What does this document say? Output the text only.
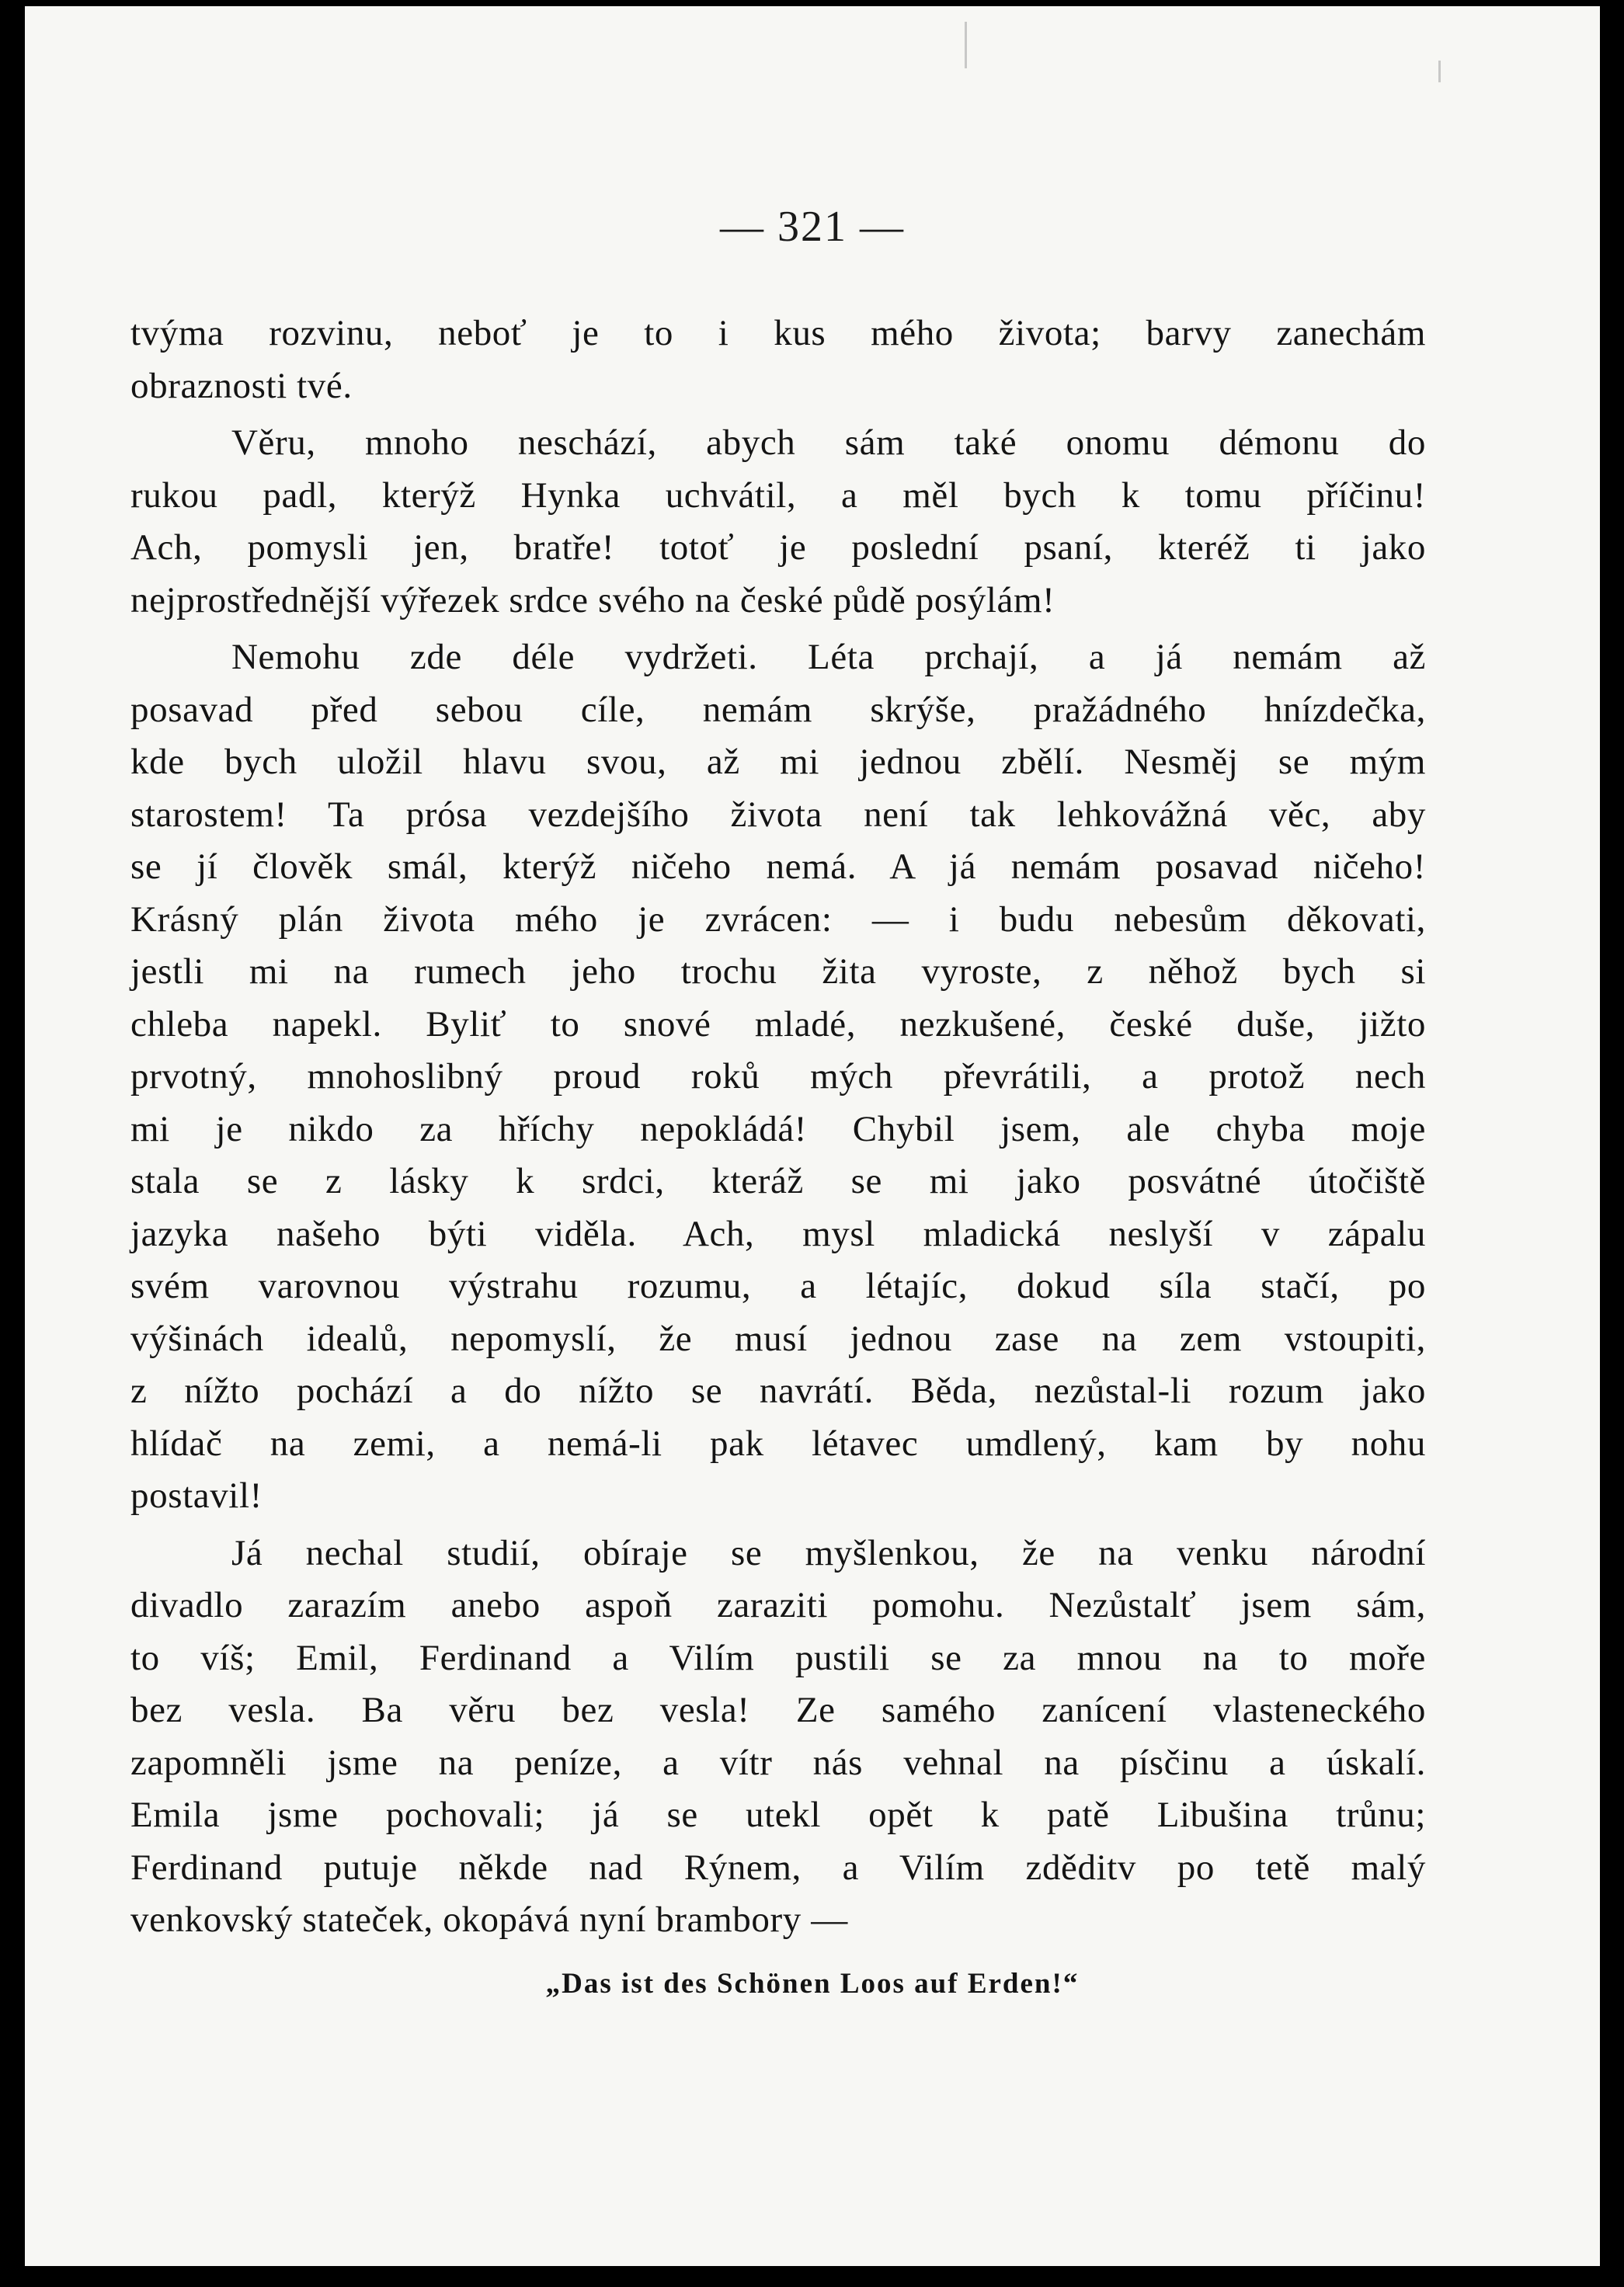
— 321 —
tvýma rozvinu, neboť je to i kus mého života; barvy zanechám
obraznosti tvé.
Věru, mnoho neschází, abych sám také onomu démonu do
rukou padl, kterýž Hynka uchvátil, a měl bych k tomu příčinu!
Ach, pomysli jen, bratře! totoť je poslední psaní, kteréž ti jako
nejprostřednější výřezek srdce svého na české půdě posýlám!
Nemohu zde déle vydržeti. Léta prchají, a já nemám až
posavad před sebou cíle, nemám skrýše, pražádného hnízdečka,
kde bych uložil hlavu svou, až mi jednou zbělí. Nesměj se mým
starostem! Ta prósa vezdejšího života není tak lehkovážná věc, aby
se jí člověk smál, kterýž ničeho nemá. A já nemám posavad ničeho!
Krásný plán života mého je zvrácen: — i budu nebesům děkovati,
jestli mi na rumech jeho trochu žita vyroste, z něhož bych si
chleba napekl. Byliť to snové mladé, nezkušené, české duše, jižto
prvotný, mnohoslibný proud roků mých převrátili, a protož nech
mi je nikdo za hříchy nepokládá! Chybil jsem, ale chyba moje
stala se z lásky k srdci, kteráž se mi jako posvátné útočiště
jazyka našeho býti viděla. Ach, mysl mladická neslyší v zápalu
svém varovnou výstrahu rozumu, a létajíc, dokud síla stačí, po
výšinách idealů, nepomyslí, že musí jednou zase na zem vstoupiti,
z nížto pochází a do nížto se navrátí. Běda, nezůstal-li rozum jako
hlídač na zemi, a nemá-li pak létavec umdlený, kam by nohu
postavil!
Já nechal studií, obíraje se myšlenkou, že na venku národní
divadlo zarazím anebo aspoň zaraziti pomohu. Nezůstalť jsem sám,
to víš; Emil, Ferdinand a Vilím pustili se za mnou na to moře
bez vesla. Ba věru bez vesla! Ze samého zanícení vlasteneckého
zapomněli jsme na peníze, a vítr nás vehnal na písčinu a úskalí.
Emila jsme pochovali; já se utekl opět k patě Libušina trůnu;
Ferdinand putuje někde nad Rýnem, a Vilím zděditv po tetě malý
venkovský stateček, okopává nyní brambory —
„Das ist des Schönen Loos auf Erden!“
